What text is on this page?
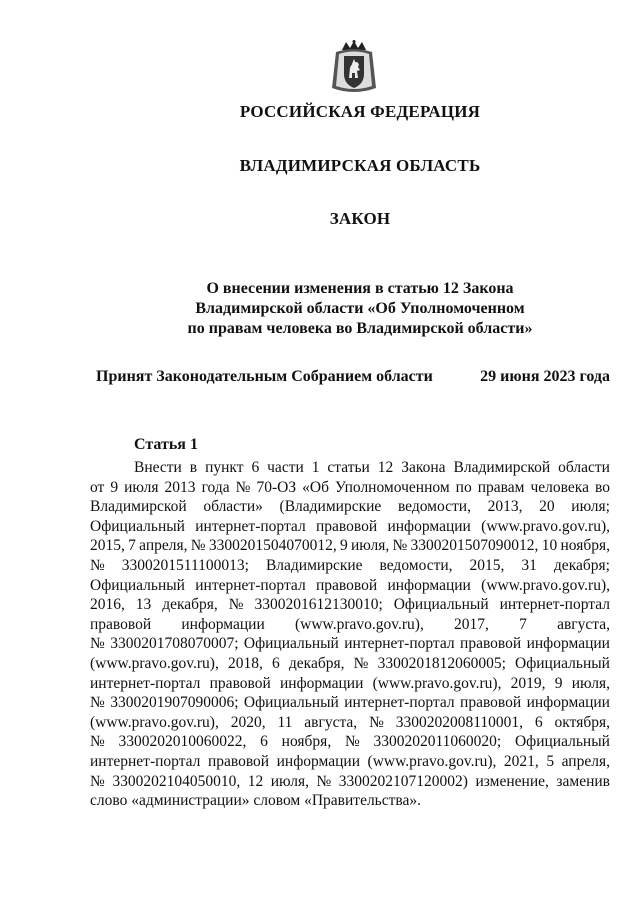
РОССИЙСКАЯ ФЕДЕРАЦИЯ
ВЛАДИМИРСКАЯ ОБЛАСТЬ
ЗАКОН
О внесении изменения в статью 12 Закона
Владимирской области «Об Уполномоченном
по правам человека во Владимирской области»
Принят Законодательным Собранием области	29 июня 2023 года
Статья 1
Внести в пункт 6 части 1 статьи 12 Закона Владимирской области
от 9 июля 2013 года № 70-ОЗ «Об Уполномоченном по правам человека во
Владимирской области» (Владимирские ведомости, 2013, 20 июля;
Официальный интернет-портал правовой информации (www.pravo.gov.ru),
2015, 7 апреля, № 3300201504070012, 9 июля, № 3300201507090012, 10 ноября,
№ 3300201511100013; Владимирские ведомости, 2015, 31 декабря;
Официальный интернет-портал правовой информации (www.pravo.gov.ru),
2016, 13 декабря, № 3300201612130010; Официальный интернет-портал
правовой информации (www.pravo.gov.ru), 2017, 7 августа,
№ 3300201708070007; Официальный интернет-портал правовой информации
(www.pravo.gov.ru), 2018, 6 декабря, № 3300201812060005; Официальный
интернет-портал правовой информации (www.pravo.gov.ru), 2019, 9 июля,
№ 3300201907090006; Официальный интернет-портал правовой информации
(www.pravo.gov.ru), 2020, 11 августа, № 3300202008110001, 6 октября,
№ 3300202010060022, 6 ноября, № 3300202011060020; Официальный
интернет-портал правовой информации (www.pravo.gov.ru), 2021, 5 апреля,
№ 3300202104050010, 12 июля, № 3300202107120002) изменение, заменив
слово «администрации» словом «Правительства».
